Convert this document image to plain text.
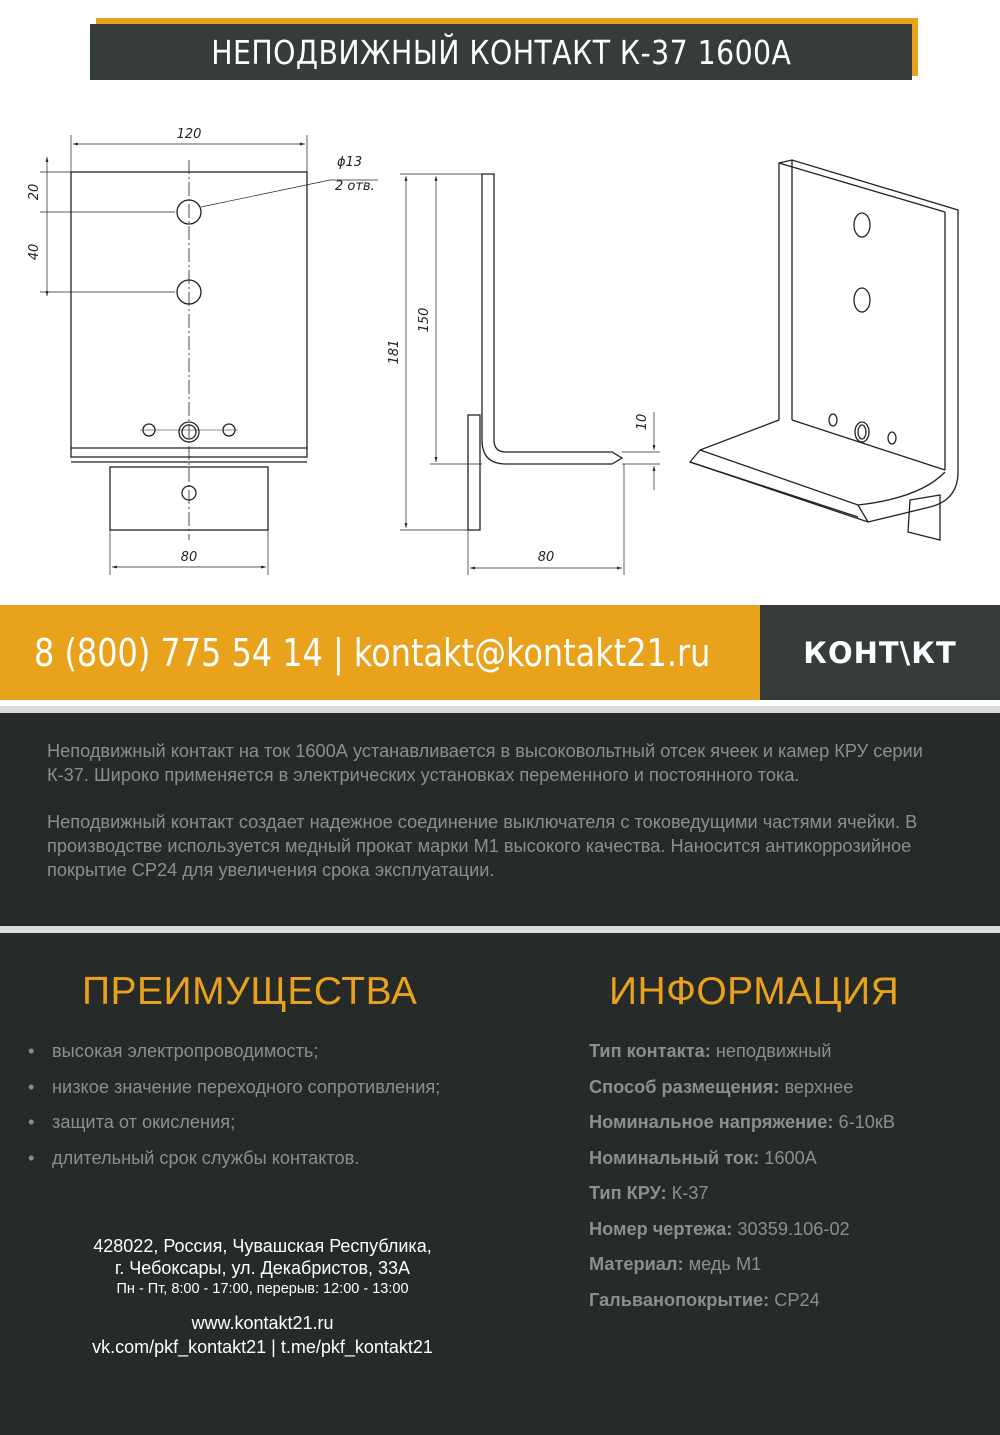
НЕПОДВИЖНЫЙ КОНТАКТ К-37 1600А
120
ϕ13
2 отв.
20
40
181
150
10
80	80
8 (800) 775 54 14 | kontakt@kontakt21.ru	КОНТ\КТ

Неподвижный контакт на ток 1600А устанавливается в высоковольтный отсек ячеек и камер КРУ серии К-37. Широко применяется в электрических установках переменного и постоянного тока.

Неподвижный контакт создает надежное соединение выключателя с токоведущими частями ячейки. В производстве используется медный прокат марки М1 высокого качества. Наносится антикоррозийное покрытие СР24 для увеличения срока эксплуатации.

ПРЕИМУЩЕСТВА
• высокая электропроводимость;
• низкое значение переходного сопротивления;
• защита от окисления;
• длительный срок службы контактов.
ИНФОРМАЦИЯ
Тип контакта: неподвижный
Способ размещения: верхнее
Номинальное напряжение: 6-10кВ
Номинальный ток: 1600А
Тип КРУ: К-37
Номер чертежа: 30359.106-02
Материал: медь М1
Гальванопокрытие: СР24
428022, Россия, Чувашская Республика,
г. Чебоксары, ул. Декабристов, 33А
Пн - Пт, 8:00 - 17:00, перерыв: 12:00 - 13:00
www.kontakt21.ru
vk.com/pkf_kontakt21 | t.me/pkf_kontakt21
